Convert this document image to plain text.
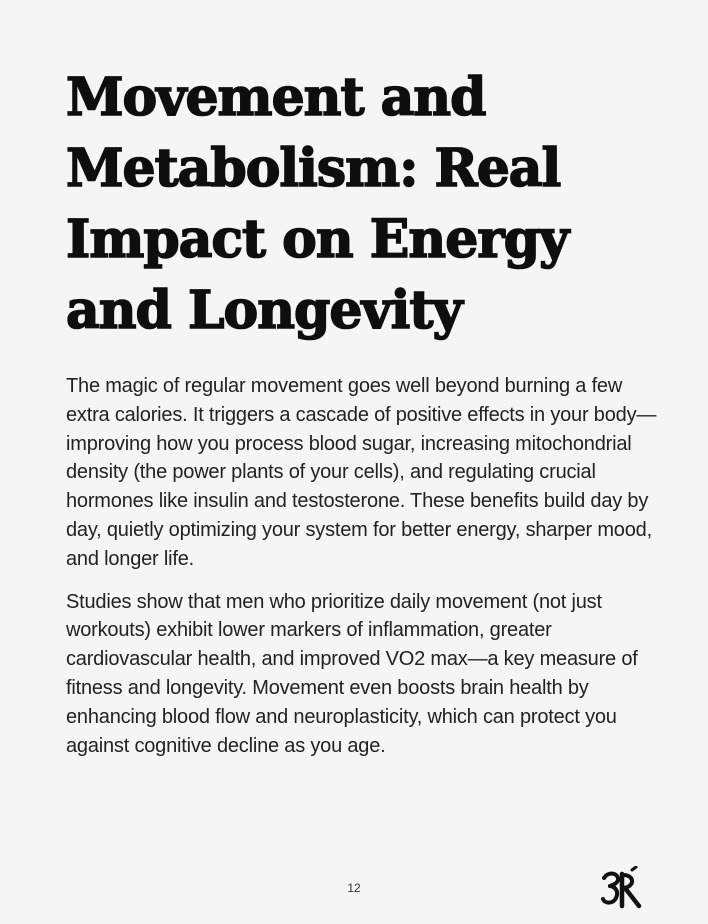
Movement and Metabolism: Real Impact on Energy and Longevity

The magic of regular movement goes well beyond burning a few extra calories. It triggers a cascade of positive effects in your body—improving how you process blood sugar, increasing mitochondrial density (the power plants of your cells), and regulating crucial hormones like insulin and testosterone. These benefits build day by day, quietly optimizing your system for better energy, sharper mood, and longer life.

Studies show that men who prioritize daily movement (not just workouts) exhibit lower markers of inflammation, greater cardiovascular health, and improved VO2 max—a key measure of fitness and longevity. Movement even boosts brain health by enhancing blood flow and neuroplasticity, which can protect you against cognitive decline as you age.

12
